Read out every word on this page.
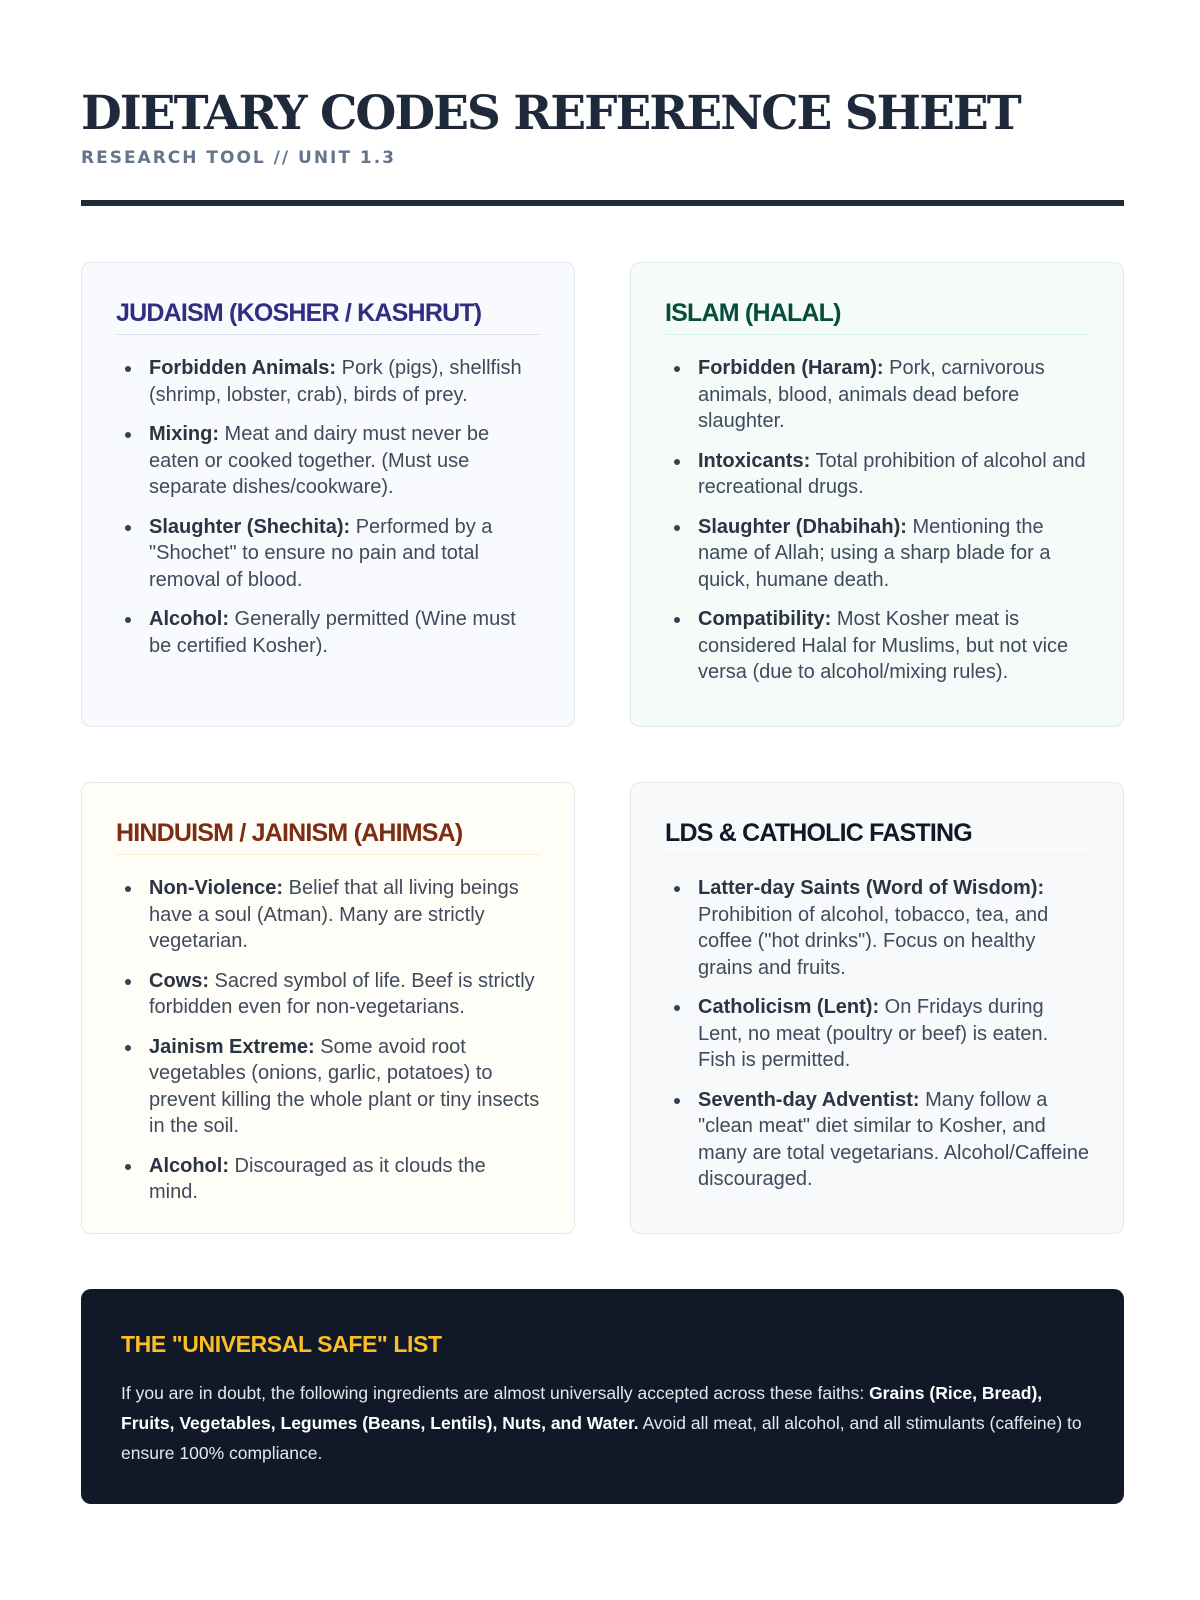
DIETARY CODES REFERENCE SHEET
RESEARCH TOOL // UNIT 1.3
JUDAISM (KOSHER / KASHRUT)
Forbidden Animals: Pork (pigs), shellfish (shrimp, lobster, crab), birds of prey.
Mixing: Meat and dairy must never be eaten or cooked together. (Must use separate dishes/cookware).
Slaughter (Shechita): Performed by a "Shochet" to ensure no pain and total removal of blood.
Alcohol: Generally permitted (Wine must be certified Kosher).
ISLAM (HALAL)
Forbidden (Haram): Pork, carnivorous animals, blood, animals dead before slaughter.
Intoxicants: Total prohibition of alcohol and recreational drugs.
Slaughter (Dhabihah): Mentioning the name of Allah; using a sharp blade for a quick, humane death.
Compatibility: Most Kosher meat is considered Halal for Muslims, but not vice versa (due to alcohol/mixing rules).
HINDUISM / JAINISM (AHIMSA)
Non-Violence: Belief that all living beings have a soul (Atman). Many are strictly vegetarian.
Cows: Sacred symbol of life. Beef is strictly forbidden even for non-vegetarians.
Jainism Extreme: Some avoid root vegetables (onions, garlic, potatoes) to prevent killing the whole plant or tiny insects in the soil.
Alcohol: Discouraged as it clouds the mind.
LDS & CATHOLIC FASTING
Latter-day Saints (Word of Wisdom): Prohibition of alcohol, tobacco, tea, and coffee ("hot drinks"). Focus on healthy grains and fruits.
Catholicism (Lent): On Fridays during Lent, no meat (poultry or beef) is eaten. Fish is permitted.
Seventh-day Adventist: Many follow a "clean meat" diet similar to Kosher, and many are total vegetarians. Alcohol/Caffeine discouraged.
THE "UNIVERSAL SAFE" LIST

If you are in doubt, the following ingredients are almost universally accepted across these faiths: Grains (Rice, Bread), Fruits, Vegetables, Legumes (Beans, Lentils), Nuts, and Water. Avoid all meat, all alcohol, and all stimulants (caffeine) to ensure 100% compliance.
